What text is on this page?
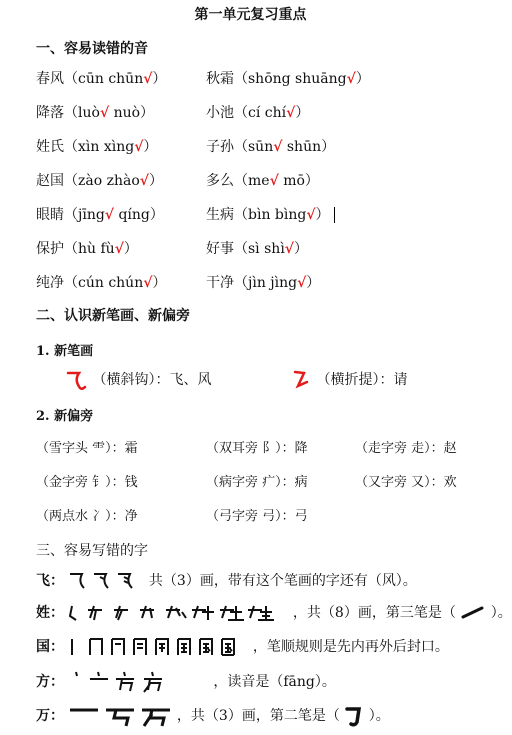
第一单元复习重点
一、容易读错的音
春风（cūn chūn√）	秋霜（shōng shuāng√）
降落（luò√ nuò）	小池（cí chí√）
姓氏（xìn xìng√）	子孙（sūn√ shūn）
赵国（zào zhào√）	多么（me√ mō）
眼睛（jīng√ qíng）	生病（bìn bìng√）
保护（hù fù√）	好事（sì shì√）
纯净（cún chún√）	干净（jìn jìng√）
二、认识新笔画、新偏旁
1. 新笔画
（横斜钩）：飞、风	（横折提）：请
2. 新偏旁
（雪字头 ⻗）：霜	（双耳旁 阝）：降	（走字旁 走）：赵
（金字旁 钅）：钱	（病字旁 疒）：病	（又字旁 又）：欢
（两点水 冫）：净	（弓字旁 弓）：弓
三、容易写错的字
飞：	共（3）画，带有这个笔画的字还有（风）。
姓：	，共（8）画，第三笔是（ ）。
国：	，笔顺规则是先内再外后封口。
方：	，读音是（fāng）。
万：	，共（3）画，第二笔是（ ）。
